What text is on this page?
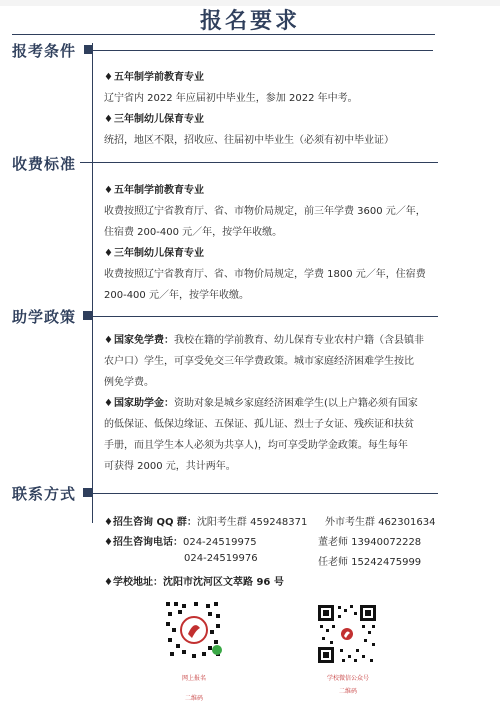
报名要求
报考条件

♦五年制学前教育专业

辽宁省内 2022 年应届初中毕业生，参加 2022 年中考。

♦三年制幼儿保育专业

统招，地区不限，招收应、往届初中毕业生（必须有初中毕业证）

收费标准

♦五年制学前教育专业

收费按照辽宁省教育厅、省、市物价局规定，前三年学费 3600 元／年，

住宿费 200-400 元／年，按学年收缴。

♦三年制幼儿保育专业

收费按照辽宁省教育厅、省、市物价局规定，学费 1800 元／年，住宿费

200-400 元／年，按学年收缴。

助学政策

♦国家免学费：我校在籍的学前教育、幼儿保育专业农村户籍（含县镇非

农户口）学生，可享受免交三年学费政策。城市家庭经济困难学生按比

例免学费。

♦国家助学金：资助对象是城乡家庭经济困难学生(以上户籍必须有国家

的低保证、低保边缘证、五保证、孤儿证、烈士子女证、残疾证和扶贫

手册，而且学生本人必须为共享人)，均可享受助学金政策。每生每年

可获得 2000 元，共计两年。

联系方式
♦招生咨询 QQ 群：沈阳考生群 459248371 外市考生群 462301634
♦招生咨询电话：024-24519975	董老师 13940072228
024-24519976	任老师 15242475999
♦学校地址：沈阳市沈河区文萃路 96 号
网上报名
二维码
学校微信公众号
二维码
